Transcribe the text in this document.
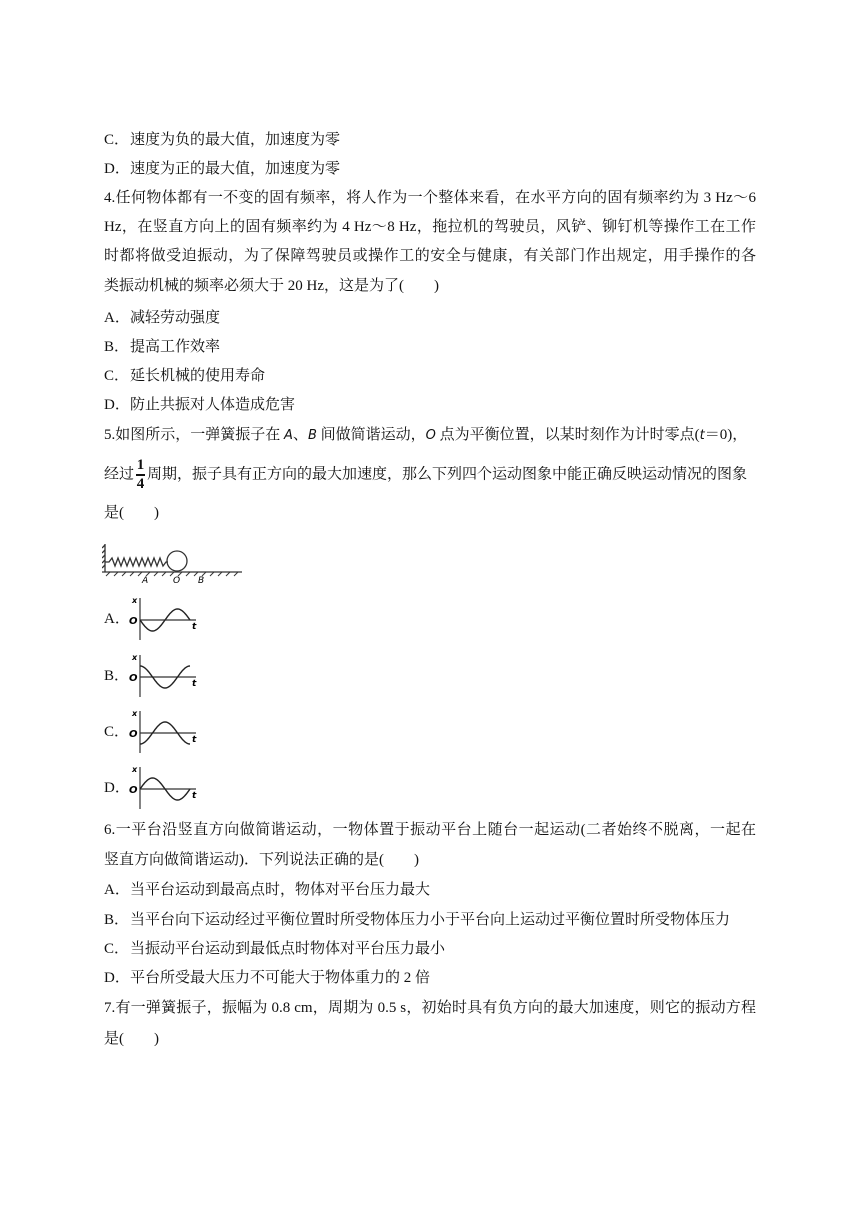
C．速度为负的最大值，加速度为零
D．速度为正的最大值，加速度为零
4.任何物体都有一不变的固有频率，将人作为一个整体来看，在水平方向的固有频率约为 3 Hz～6
Hz，在竖直方向上的固有频率约为 4 Hz～8 Hz，拖拉机的驾驶员，风铲、铆钉机等操作工在工作
时都将做受迫振动，为了保障驾驶员或操作工的安全与健康，有关部门作出规定，用手操作的各
类振动机械的频率必须大于 20 Hz，这是为了(　　)
A．减轻劳动强度
B．提高工作效率
C．延长机械的使用寿命
D．防止共振对人体造成危害
5.如图所示，一弹簧振子在 A、B 间做简谐运动，O 点为平衡位置，以某时刻作为计时零点(t＝0)，
经过 $\frac{1}{4}$ 周期，振子具有正方向的最大加速度，那么下列四个运动图象中能正确反映运动情况的图象
是(　　)
A	O B
A．
x
t
O
B．
x
t
O
C．
x
t
O
D．
x
t
O
6.一平台沿竖直方向做简谐运动，一物体置于振动平台上随台一起运动(二者始终不脱离，一起在
竖直方向做简谐运动)．下列说法正确的是(　　)
A．当平台运动到最高点时，物体对平台压力最大
B．当平台向下运动经过平衡位置时所受物体压力小于平台向上运动过平衡位置时所受物体压力
C．当振动平台运动到最低点时物体对平台压力最小
D．平台所受最大压力不可能大于物体重力的 2 倍
7.有一弹簧振子，振幅为 0.8 cm，周期为 0.5 s，初始时具有负方向的最大加速度，则它的振动方程
是(　　)
